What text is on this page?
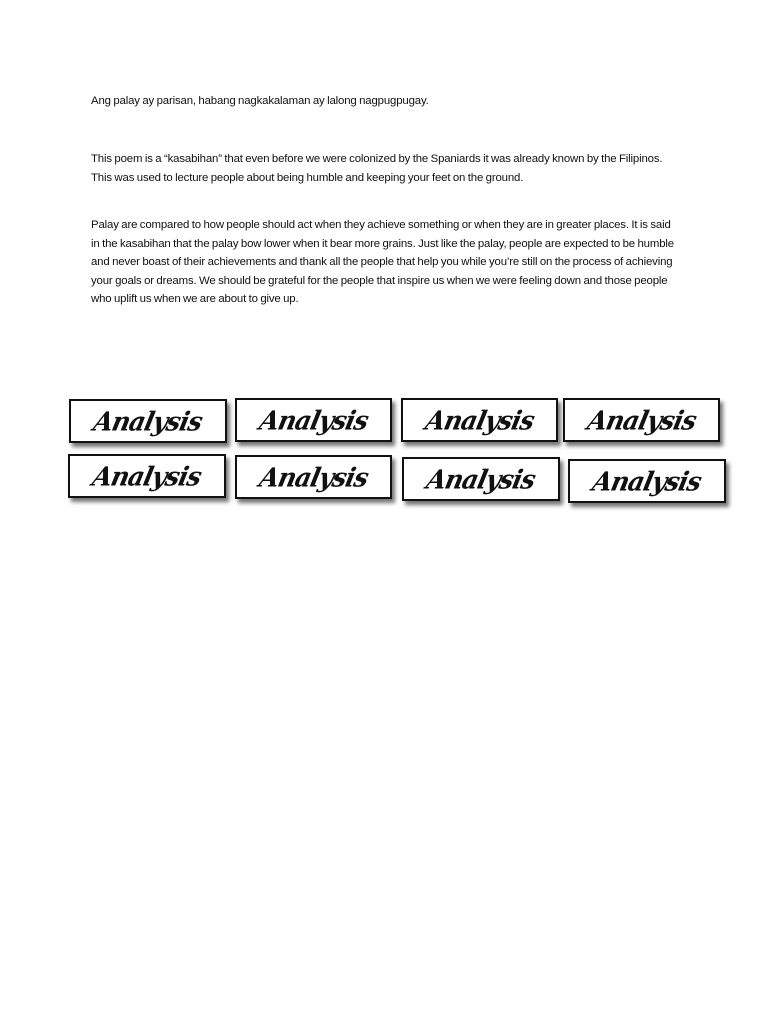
Ang palay ay parisan, habang nagkakalaman ay lalong nagpugpugay.
This poem is a “kasabihan” that even before we were colonized by the Spaniards it was already known by the Filipinos. This was used to lecture people about being humble and keeping your feet on the ground.
Palay are compared to how people should act when they achieve something or when they are in greater places. It is said in the kasabihan that the palay bow lower when it bear more grains. Just like the palay, people are expected to be humble and never boast of their achievements and thank all the people that help you while you’re still on the process of achieving your goals or dreams. We should be grateful for the people that inspire us when we were feeling down and those people who uplift us when we are about to give up.
Analysis Analysis Analysis Analysis
Analysis Analysis Analysis Analysis
